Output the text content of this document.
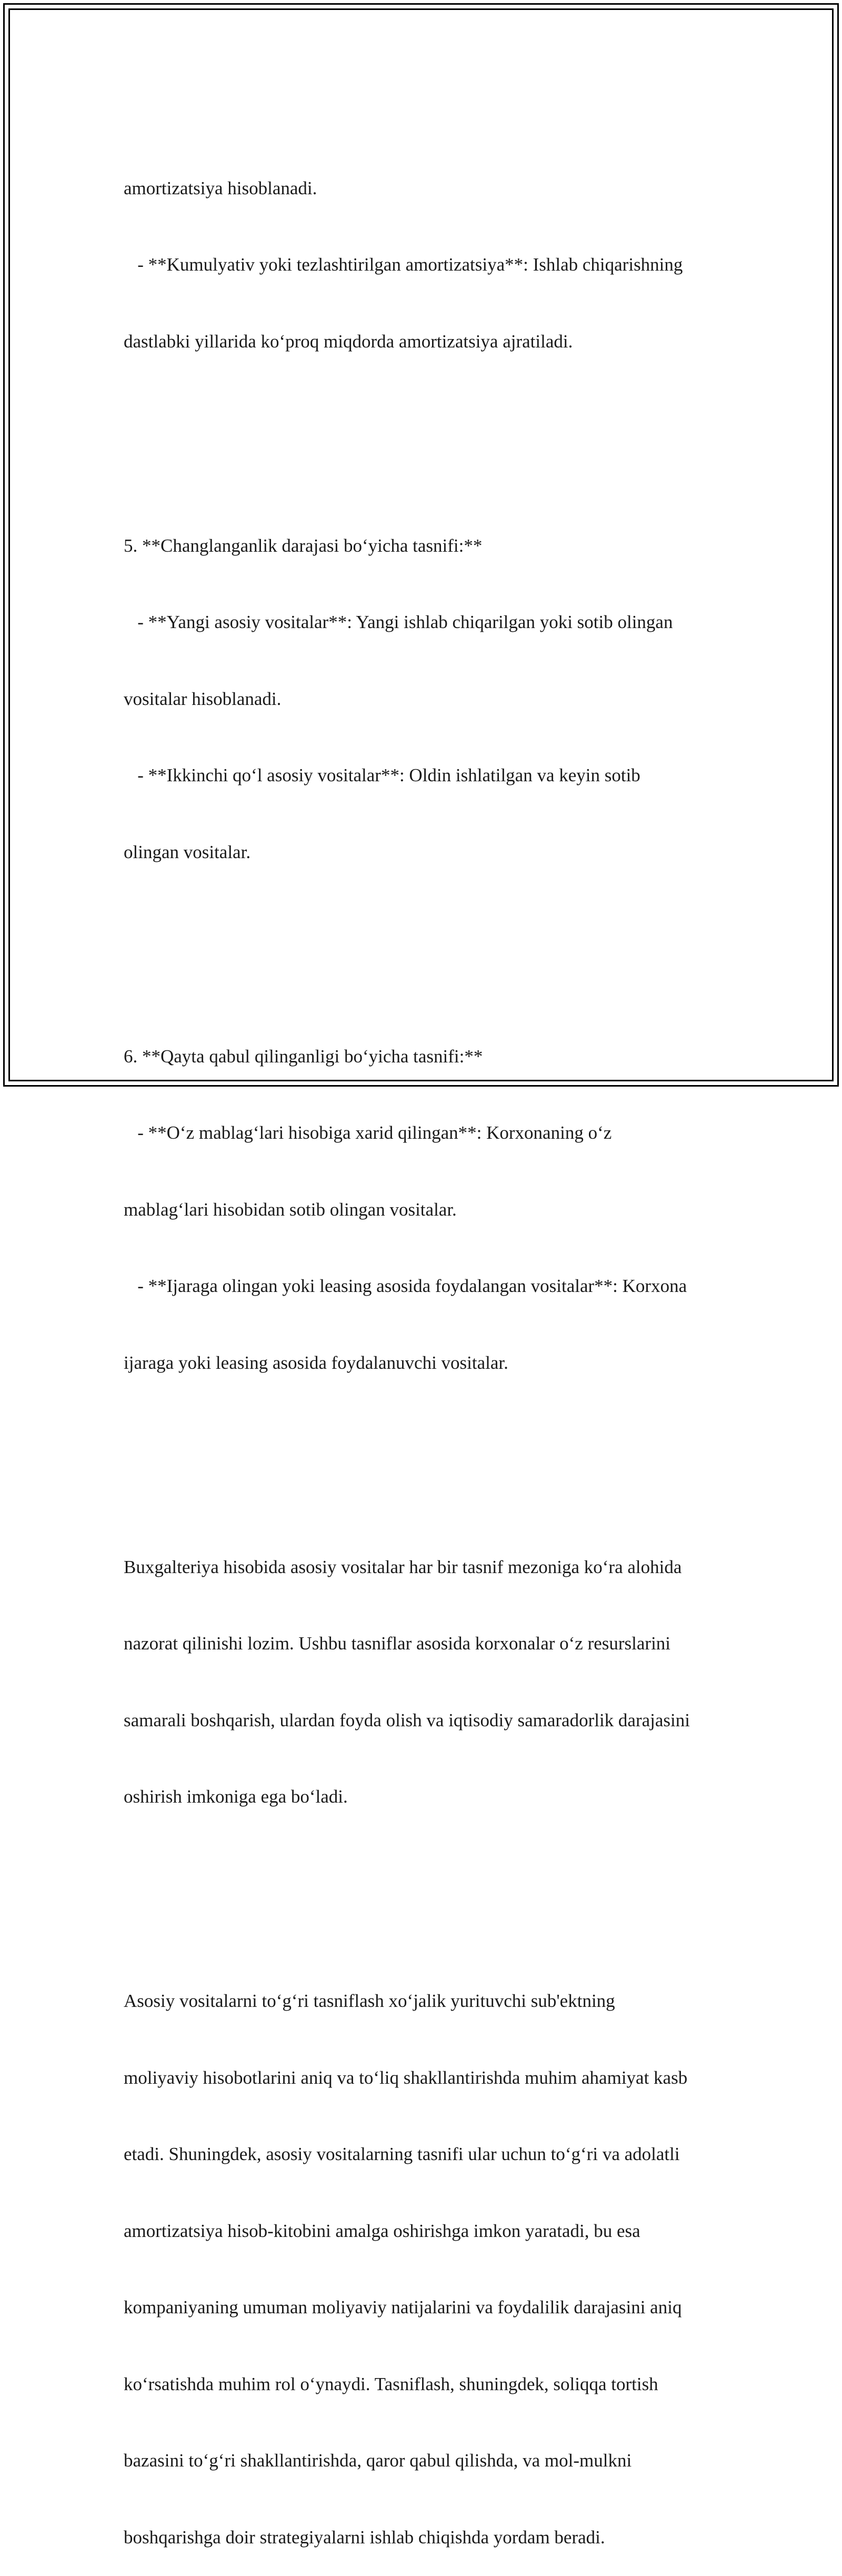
amortizatsiya hisoblanadi.

- **Kumulyativ yoki tezlashtirilgan amortizatsiya**: Ishlab chiqarishning

dastlabki yillarida ko‘proq miqdorda amortizatsiya ajratiladi.

5. **Changlanganlik darajasi bo‘yicha tasnifi:**

- **Yangi asosiy vositalar**: Yangi ishlab chiqarilgan yoki sotib olingan

vositalar hisoblanadi.

- **Ikkinchi qo‘l asosiy vositalar**: Oldin ishlatilgan va keyin sotib

olingan vositalar.

6. **Qayta qabul qilinganligi bo‘yicha tasnifi:**

- **O‘z mablag‘lari hisobiga xarid qilingan**: Korxonaning o‘z

mablag‘lari hisobidan sotib olingan vositalar.

- **Ijaraga olingan yoki leasing asosida foydalangan vositalar**: Korxona

ijaraga yoki leasing asosida foydalanuvchi vositalar.

Buxgalteriya hisobida asosiy vositalar har bir tasnif mezoniga ko‘ra alohida

nazorat qilinishi lozim. Ushbu tasniflar asosida korxonalar o‘z resurslarini

samarali boshqarish, ulardan foyda olish va iqtisodiy samaradorlik darajasini

oshirish imkoniga ega bo‘ladi.

Asosiy vositalarni to‘g‘ri tasniflash xo‘jalik yurituvchi sub'ektning

moliyaviy hisobotlarini aniq va to‘liq shakllantirishda muhim ahamiyat kasb

etadi. Shuningdek, asosiy vositalarning tasnifi ular uchun to‘g‘ri va adolatli

amortizatsiya hisob-kitobini amalga oshirishga imkon yaratadi, bu esa

kompaniyaning umuman moliyaviy natijalarini va foydalilik darajasini aniq

ko‘rsatishda muhim rol o‘ynaydi. Tasniflash, shuningdek, soliqqa tortish

bazasini to‘g‘ri shakllantirishda, qaror qabul qilishda, va mol-mulkni

boshqarishga doir strategiyalarni ishlab chiqishda yordam beradi.
